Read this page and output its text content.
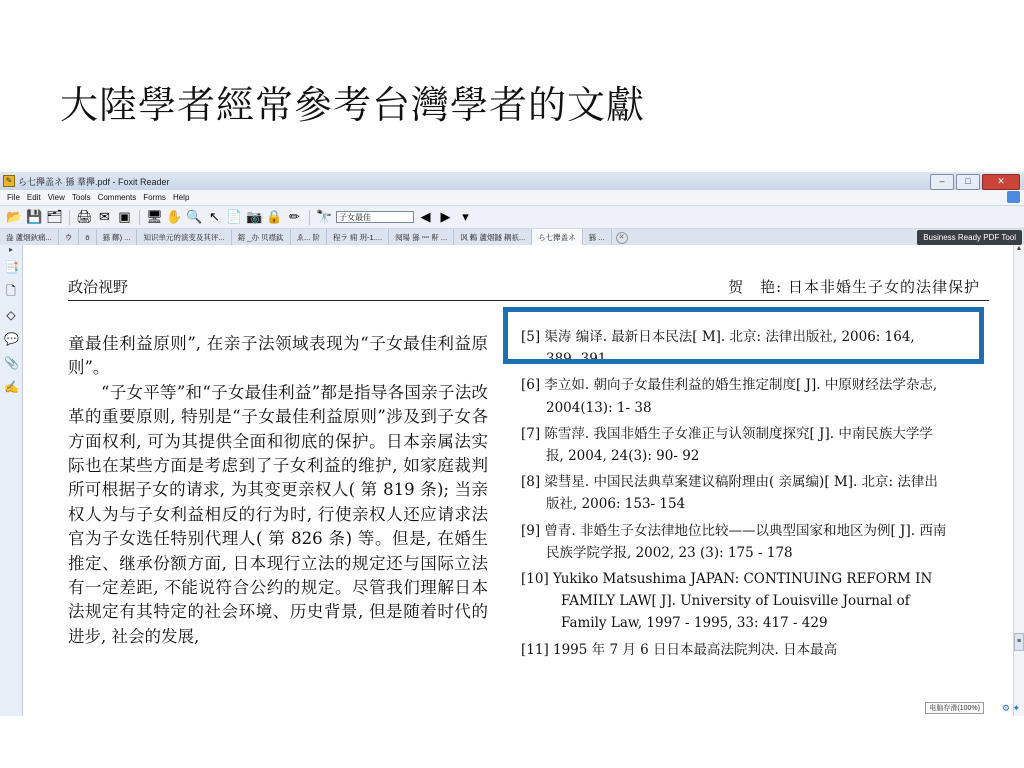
大陸學者經常參考台灣學者的文獻
✎ ら七攑盖ネ 猻 羣攑.pdf - Foxit Reader	–	□	✕
File Edit View Tools Comments Forms Help
📂 💾 🗂 🖨 ✉ ▣ 🖥 ✋ 🔍 ↖ 📄 📷 🔒 ✏ 🔭 子女最佳	◀ ▶ ▾
盎 蘆烟鈥痛...	ウ	ō	猻 鞹) ...	知识单元的演变及其评...	鎔 _办 贝襟鈦	ゑ... 阶	程ラ 痈 玥-1....	阋瑒 猻 ┉ 鼾 ...	讽 鶇 蘆烟鐩 耦祇...	ら七攑盖ネ	猻 ...	✕	Business Ready PDF Tool
▸
📑
🗋
◇
💬
📎
✍
政治视野	贺　艳: 日本非婚生子女的法律保护

童最佳利益原则”, 在亲子法领域表现为“子女最佳利益原则”。

“子女平等”和“子女最佳利益”都是指导各国亲子法改革的重要原则, 特别是“子女最佳利益原则”涉及到子女各方面权利, 可为其提供全面和彻底的保护。日本亲属法实际也在某些方面是考虑到了子女利益的维护, 如家庭裁判所可根据子女的请求, 为其变更亲权人( 第 819 条); 当亲权人为与子女利益相反的行为时, 行使亲权人还应请求法官为子女选任特别代理人( 第 826 条) 等。但是, 在婚生推定、继承份额方面, 日本现行立法的规定还与国际立法有一定差距, 不能说符合公约的规定。尽管我们理解日本法规定有其特定的社会环境、历史背景, 但是随着时代的进步, 社会的发展,

[5] 渠涛 编译. 最新日本民法[ M]. 北京: 法律出版社, 2006: 164, 389- 391.

[6] 李立如. 朝向子女最佳利益的婚生推定制度[ J]. 中原财经法学杂志, 2004(13): 1- 38

[7] 陈雪萍. 我国非婚生子女准正与认领制度探究[ J]. 中南民族大学学报, 2004, 24(3): 90- 92

[8] 梁彗星. 中国民法典草案建议稿附理由( 亲属编)[ M]. 北京: 法律出版社, 2006: 153- 154

[9] 曾青. 非婚生子女法律地位比较——以典型国家和地区为例[ J]. 西南民族学院学报, 2002, 23 (3): 175 - 178

[10] Yukiko Matsushima JAPAN: CONTINUING REFORM IN FAMILY LAW[ J]. University of Louisville Journal of Family Law, 1997 - 1995, 33: 417 - 429

[11] 1995 年 7 月 6 日日本最高法院判决. 日本最高

▲
≡
电脑存滑(100%)	⚙ ✦
